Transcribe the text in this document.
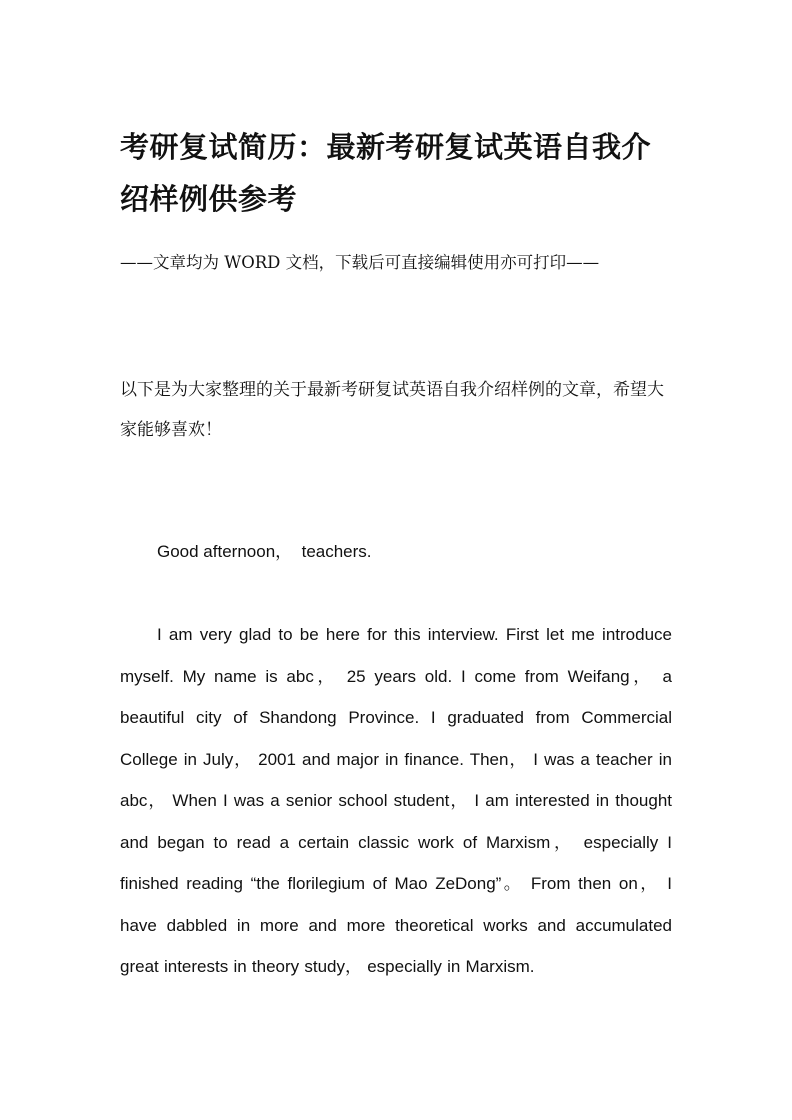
考研复试简历：最新考研复试英语自我介绍样例供参考

——文章均为 WORD 文档，下载后可直接编辑使用亦可打印——

以下是为大家整理的关于最新考研复试英语自我介绍样例的文章，希望大家能够喜欢！

Good afternoon，  teachers.

I am very glad to be here for this interview. First let me introduce myself. My name is abc， 25 years old. I come from Weifang， a beautiful city of Shandong Province. I graduated from Commercial College in July， 2001 and major in finance. Then， I was a teacher in abc， When I was a senior school student， I am interested in thought and began to read a certain classic work of Marxism， especially I finished reading “the florilegium of Mao ZeDong”。 From then on， I have dabbled in more and more theoretical works and accumulated great interests in theory study， especially in Marxism.
